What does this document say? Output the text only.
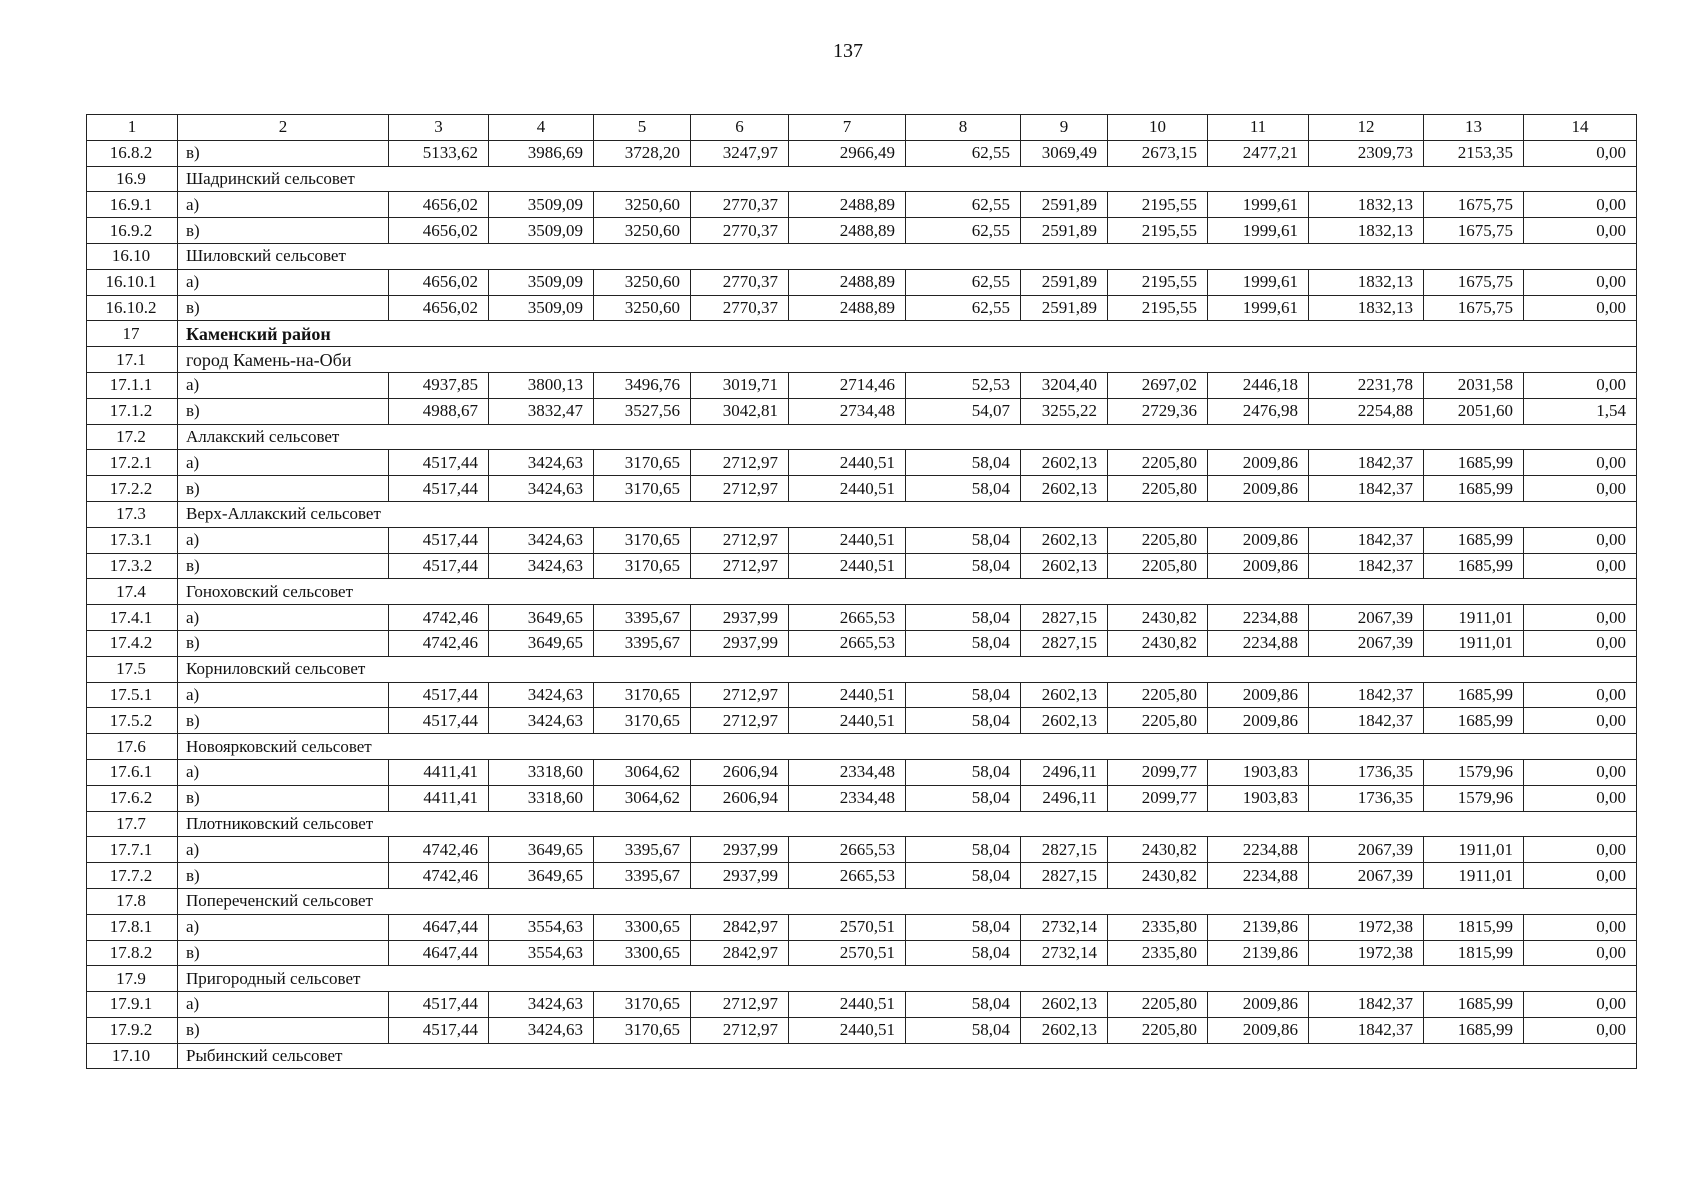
137
1	2	3	4	5	6	7	8	9	10	11	12	13	14
16.8.2	в)	5133,62	3986,69	3728,20	3247,97	2966,49	62,55	3069,49	2673,15	2477,21	2309,73	2153,35	0,00
16.9	Шадринский сельсовет												
16.9.1	а)	4656,02	3509,09	3250,60	2770,37	2488,89	62,55	2591,89	2195,55	1999,61	1832,13	1675,75	0,00
16.9.2	в)	4656,02	3509,09	3250,60	2770,37	2488,89	62,55	2591,89	2195,55	1999,61	1832,13	1675,75	0,00
16.10	Шиловский сельсовет												
16.10.1	а)	4656,02	3509,09	3250,60	2770,37	2488,89	62,55	2591,89	2195,55	1999,61	1832,13	1675,75	0,00
16.10.2	в)	4656,02	3509,09	3250,60	2770,37	2488,89	62,55	2591,89	2195,55	1999,61	1832,13	1675,75	0,00
17	Каменский район												
17.1	город Камень-на-Оби												
17.1.1	а)	4937,85	3800,13	3496,76	3019,71	2714,46	52,53	3204,40	2697,02	2446,18	2231,78	2031,58	0,00
17.1.2	в)	4988,67	3832,47	3527,56	3042,81	2734,48	54,07	3255,22	2729,36	2476,98	2254,88	2051,60	1,54
17.2	Аллакский сельсовет												
17.2.1	а)	4517,44	3424,63	3170,65	2712,97	2440,51	58,04	2602,13	2205,80	2009,86	1842,37	1685,99	0,00
17.2.2	в)	4517,44	3424,63	3170,65	2712,97	2440,51	58,04	2602,13	2205,80	2009,86	1842,37	1685,99	0,00
17.3	Верх-Аллакский сельсовет												
17.3.1	а)	4517,44	3424,63	3170,65	2712,97	2440,51	58,04	2602,13	2205,80	2009,86	1842,37	1685,99	0,00
17.3.2	в)	4517,44	3424,63	3170,65	2712,97	2440,51	58,04	2602,13	2205,80	2009,86	1842,37	1685,99	0,00
17.4	Гоноховский сельсовет												
17.4.1	а)	4742,46	3649,65	3395,67	2937,99	2665,53	58,04	2827,15	2430,82	2234,88	2067,39	1911,01	0,00
17.4.2	в)	4742,46	3649,65	3395,67	2937,99	2665,53	58,04	2827,15	2430,82	2234,88	2067,39	1911,01	0,00
17.5	Корниловский сельсовет												
17.5.1	а)	4517,44	3424,63	3170,65	2712,97	2440,51	58,04	2602,13	2205,80	2009,86	1842,37	1685,99	0,00
17.5.2	в)	4517,44	3424,63	3170,65	2712,97	2440,51	58,04	2602,13	2205,80	2009,86	1842,37	1685,99	0,00
17.6	Новоярковский сельсовет												
17.6.1	а)	4411,41	3318,60	3064,62	2606,94	2334,48	58,04	2496,11	2099,77	1903,83	1736,35	1579,96	0,00
17.6.2	в)	4411,41	3318,60	3064,62	2606,94	2334,48	58,04	2496,11	2099,77	1903,83	1736,35	1579,96	0,00
17.7	Плотниковский сельсовет												
17.7.1	а)	4742,46	3649,65	3395,67	2937,99	2665,53	58,04	2827,15	2430,82	2234,88	2067,39	1911,01	0,00
17.7.2	в)	4742,46	3649,65	3395,67	2937,99	2665,53	58,04	2827,15	2430,82	2234,88	2067,39	1911,01	0,00
17.8	Попереченский сельсовет												
17.8.1	а)	4647,44	3554,63	3300,65	2842,97	2570,51	58,04	2732,14	2335,80	2139,86	1972,38	1815,99	0,00
17.8.2	в)	4647,44	3554,63	3300,65	2842,97	2570,51	58,04	2732,14	2335,80	2139,86	1972,38	1815,99	0,00
17.9	Пригородный сельсовет												
17.9.1	а)	4517,44	3424,63	3170,65	2712,97	2440,51	58,04	2602,13	2205,80	2009,86	1842,37	1685,99	0,00
17.9.2	в)	4517,44	3424,63	3170,65	2712,97	2440,51	58,04	2602,13	2205,80	2009,86	1842,37	1685,99	0,00
17.10	Рыбинский сельсовет												
